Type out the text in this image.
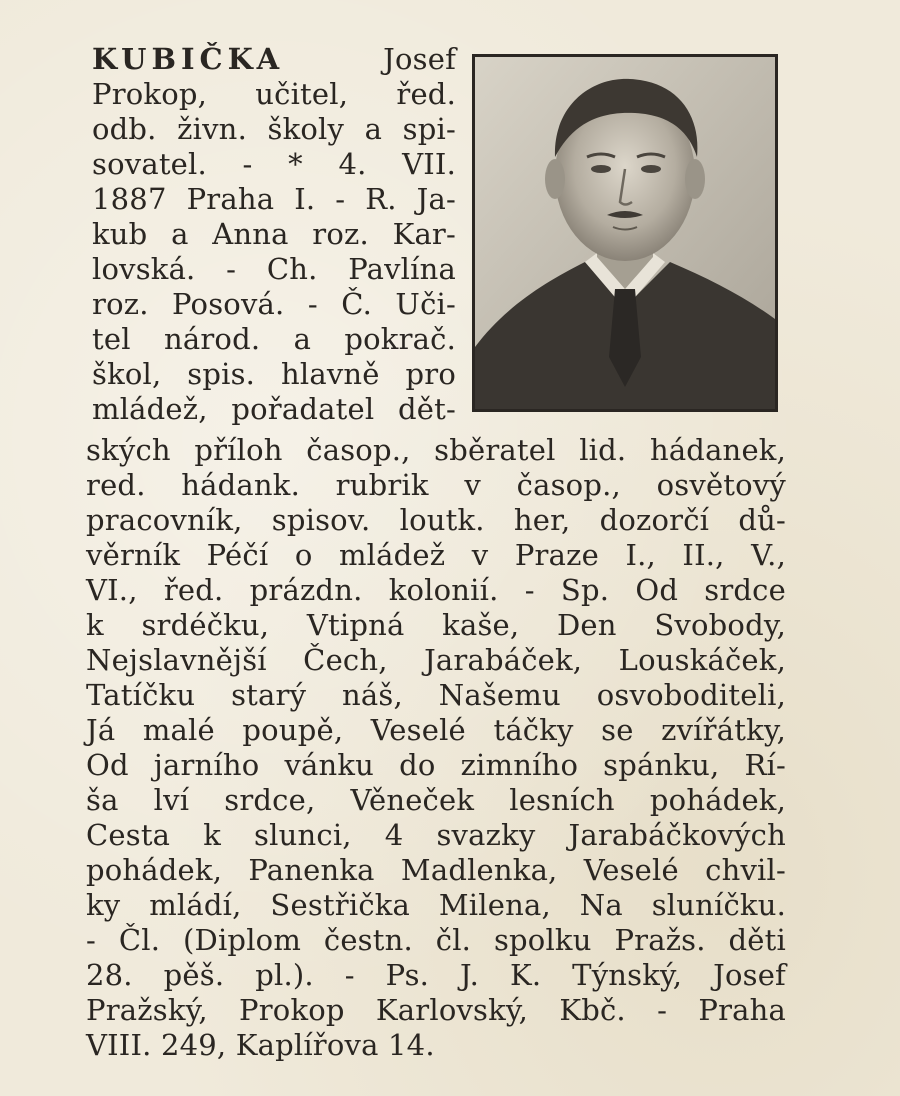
KUBIČKA Josef
Prokop, učitel, řed.
odb. živn. školy a spi-
sovatel. - * 4. VII.
1887 Praha I. - R. Ja-
kub a Anna roz. Kar-
lovská. - Ch. Pavlína
roz. Posová. - Č. Uči-
tel národ. a pokrač.
škol, spis. hlavně pro
mládež, pořadatel dět-
ských příloh časop., sběratel lid. hádanek,
red. hádank. rubrik v časop., osvětový
pracovník, spisov. loutk. her, dozorčí dů-
věrník Péčí o mládež v Praze I., II., V.,
VI., řed. prázdn. kolonií. - Sp. Od srdce
k srdéčku, Vtipná kaše, Den Svobody,
Nejslavnější Čech, Jarabáček, Louskáček,
Tatíčku starý náš, Našemu osvoboditeli,
Já malé poupě, Veselé táčky se zvířátky,
Od jarního vánku do zimního spánku, Rí-
ša lví srdce, Věneček lesních pohádek,
Cesta k slunci, 4 svazky Jarabáčkových
pohádek, Panenka Madlenka, Veselé chvil-
ky mládí, Sestřička Milena, Na sluníčku.
- Čl. (Diplom čestn. čl. spolku Pražs. děti
28. pěš. pl.). - Ps. J. K. Týnský, Josef
Pražský, Prokop Karlovský, Kbč. - Praha
VIII. 249, Kaplířova 14.
